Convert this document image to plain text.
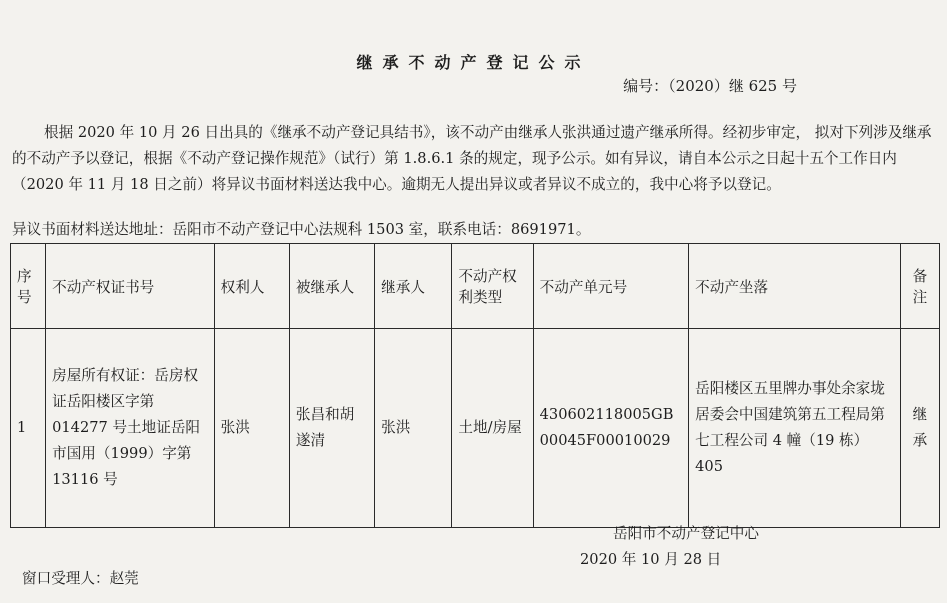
继承不动产登记公示
编号：（2020）继 625 号
根据 2020 年 10 月 26 日出具的《继承不动产登记具结书》，该不动产由继承人张洪通过遗产继承所得。经初步审定， 拟对下列涉及继承的不动产予以登记，根据《不动产登记操作规范》（试行）第 1.8.6.1 条的规定，现予公示。如有异议，请自本公示之日起十五个工作日内（2020 年 11 月 18 日之前）将异议书面材料送达我中心。逾期无人提出异议或者异议不成立的，我中心将予以登记。
异议书面材料送达地址：岳阳市不动产登记中心法规科 1503 室，联系电话：8691971。
序号	不动产权证书号	权利人	被继承人	继承人	不动产权利类型	不动产单元号	不动产坐落	备注
1	房屋所有权证：岳房权证岳阳楼区字第 014277 号土地证岳阳市国用（1999）字第 13116 号	张洪	张昌和胡遂清	张洪	土地/房屋	430602118005GB00045F00010029	岳阳楼区五里牌办事处余家垅居委会中国建筑第五工程局第七工程公司 4 幢（19 栋）405	继承
岳阳市不动产登记中心
2020 年 10 月 28 日
窗口受理人：赵莞
